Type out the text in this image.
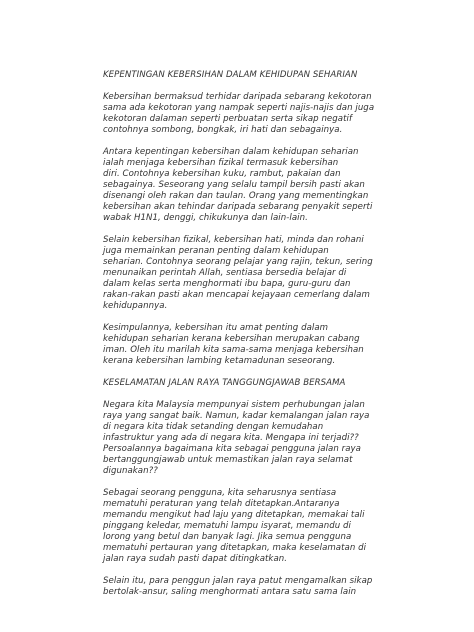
KEPENTINGAN KEBERSIHAN DALAM KEHIDUPAN SEHARIAN
Kebersihan bermaksud terhidar daripada sebarang kekotoran
sama ada kekotoran yang nampak seperti najis-najis dan juga
kekotoran dalaman seperti perbuatan serta sikap negatif
contohnya sombong, bongkak, iri hati dan sebagainya.
Antara kepentingan kebersihan dalam kehidupan seharian
ialah menjaga kebersihan fizikal termasuk kebersihan
diri. Contohnya kebersihan kuku, rambut, pakaian dan
sebagainya. Seseorang yang selalu tampil bersih pasti akan
disenangi oleh rakan dan taulan. Orang yang mementingkan
kebersihan akan tehindar daripada sebarang penyakit seperti
wabak H1N1, denggi, chikukunya dan lain-lain.
Selain kebersihan fizikal, kebersihan hati, minda dan rohani
juga memainkan peranan penting dalam kehidupan
seharian. Contohnya seorang pelajar yang rajin, tekun, sering
menunaikan perintah Allah, sentiasa bersedia belajar di
dalam kelas serta menghormati ibu bapa, guru-guru dan
rakan-rakan pasti akan mencapai kejayaan cemerlang dalam
kehidupannya.
Kesimpulannya, kebersihan itu amat penting dalam
kehidupan seharian kerana kebersihan merupakan cabang
iman. Oleh itu marilah kita sama-sama menjaga kebersihan
kerana kebersihan lambing ketamadunan seseorang.
KESELAMATAN JALAN RAYA TANGGUNGJAWAB BERSAMA
Negara kita Malaysia mempunyai sistem perhubungan jalan
raya yang sangat baik. Namun, kadar kemalangan jalan raya
di negara kita tidak setanding dengan kemudahan
infastruktur yang ada di negara kita. Mengapa ini terjadi??
Persoalannya bagaimana kita sebagai pengguna jalan raya
bertanggungjawab untuk memastikan jalan raya selamat
digunakan??
Sebagai seorang pengguna, kita seharusnya sentiasa
mematuhi peraturan yang telah ditetapkan.Antaranya
memandu mengikut had laju yang ditetapkan, memakai tali
pinggang keledar, mematuhi lampu isyarat, memandu di
lorong yang betul dan banyak lagi. Jika semua pengguna
mematuhi pertauran yang ditetapkan, maka keselamatan di
jalan raya sudah pasti dapat ditingkatkan.
Selain itu, para penggun jalan raya patut mengamalkan sikap
bertolak-ansur, saling menghormati antara satu sama lain
